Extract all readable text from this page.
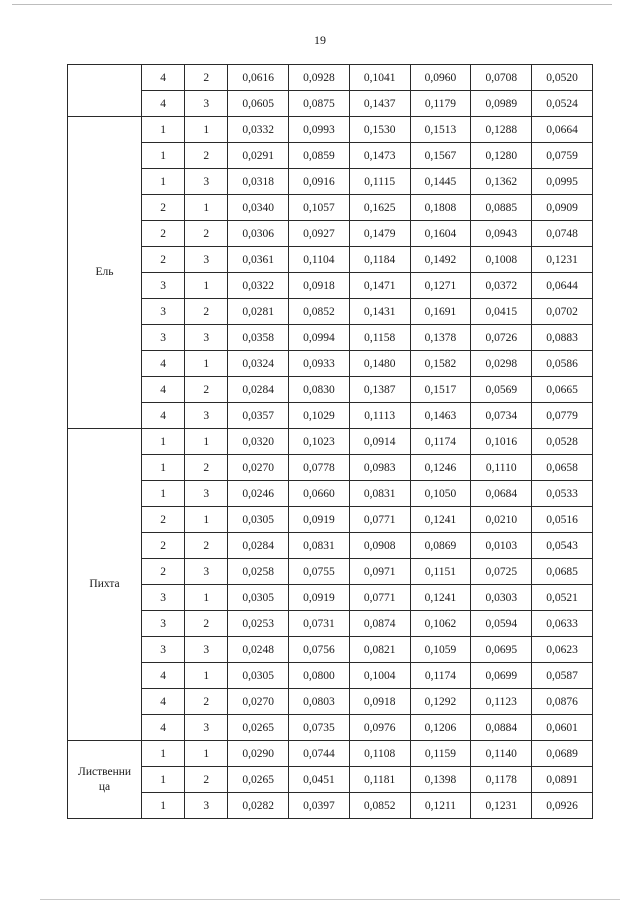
19
	4	2	0,0616	0,0928	0,1041	0,0960	0,0708	0,0520
	4	3	0,0605	0,0875	0,1437	0,1179	0,0989	0,0524
Ель	1	1	0,0332	0,0993	0,1530	0,1513	0,1288	0,0664
	1	2	0,0291	0,0859	0,1473	0,1567	0,1280	0,0759
	1	3	0,0318	0,0916	0,1115	0,1445	0,1362	0,0995
	2	1	0,0340	0,1057	0,1625	0,1808	0,0885	0,0909
	2	2	0,0306	0,0927	0,1479	0,1604	0,0943	0,0748
	2	3	0,0361	0,1104	0,1184	0,1492	0,1008	0,1231
	3	1	0,0322	0,0918	0,1471	0,1271	0,0372	0,0644
	3	2	0,0281	0,0852	0,1431	0,1691	0,0415	0,0702
	3	3	0,0358	0,0994	0,1158	0,1378	0,0726	0,0883
	4	1	0,0324	0,0933	0,1480	0,1582	0,0298	0,0586
	4	2	0,0284	0,0830	0,1387	0,1517	0,0569	0,0665
	4	3	0,0357	0,1029	0,1113	0,1463	0,0734	0,0779
Пихта	1	1	0,0320	0,1023	0,0914	0,1174	0,1016	0,0528
	1	2	0,0270	0,0778	0,0983	0,1246	0,1110	0,0658
	1	3	0,0246	0,0660	0,0831	0,1050	0,0684	0,0533
	2	1	0,0305	0,0919	0,0771	0,1241	0,0210	0,0516
	2	2	0,0284	0,0831	0,0908	0,0869	0,0103	0,0543
	2	3	0,0258	0,0755	0,0971	0,1151	0,0725	0,0685
	3	1	0,0305	0,0919	0,0771	0,1241	0,0303	0,0521
	3	2	0,0253	0,0731	0,0874	0,1062	0,0594	0,0633
	3	3	0,0248	0,0756	0,0821	0,1059	0,0695	0,0623
	4	1	0,0305	0,0800	0,1004	0,1174	0,0699	0,0587
	4	2	0,0270	0,0803	0,0918	0,1292	0,1123	0,0876
	4	3	0,0265	0,0735	0,0976	0,1206	0,0884	0,0601
Лиственни ца	1	1	0,0290	0,0744	0,1108	0,1159	0,1140	0,0689
	1	2	0,0265	0,0451	0,1181	0,1398	0,1178	0,0891
	1	3	0,0282	0,0397	0,0852	0,1211	0,1231	0,0926
